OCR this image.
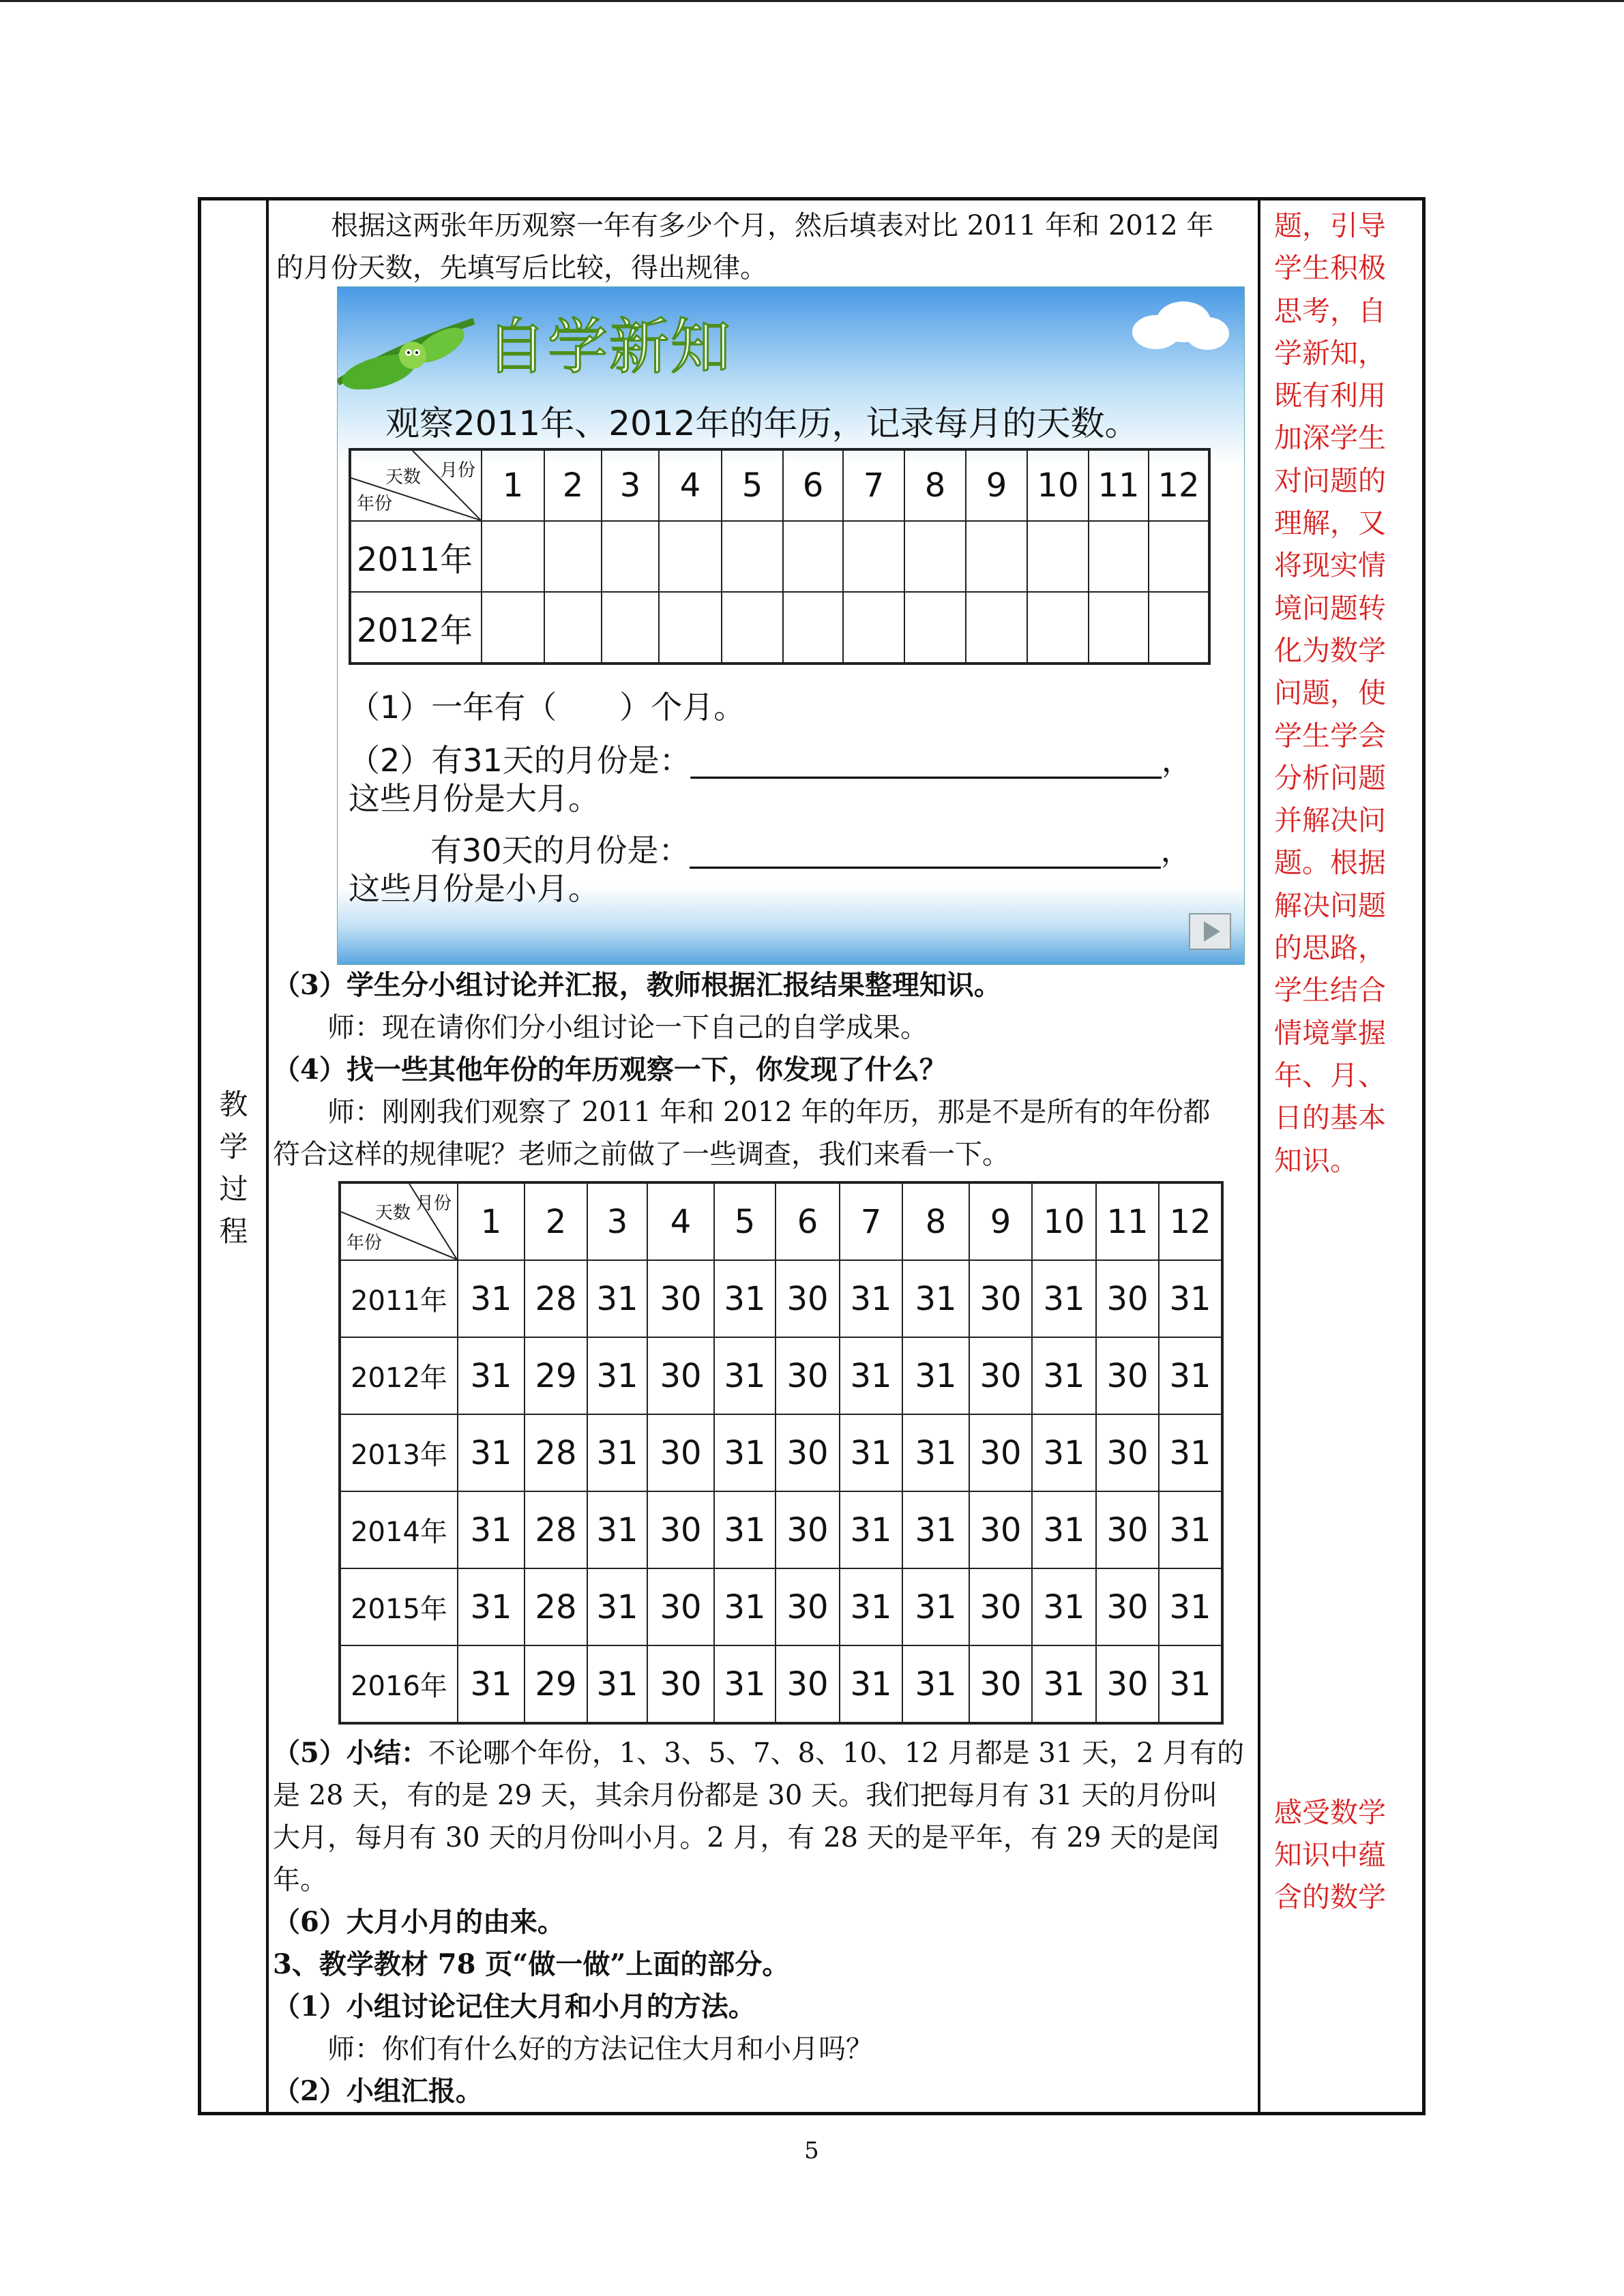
教
学
过
程

根据这两张年历观察一年有多少个月，然后填表对比 2011 年和 2012 年

的月份天数，先填写后比较，得出规律。

题，引导

学生积极

思考，自

学新知，

既有利用

加深学生

对问题的

理解，又

将现实情

境问题转

化为数学

问题，使

学生学会

分析问题

并解决问

题。根据

解决问题

的思路，

学生结合

情境掌握

年、月、

日的基本

知识。

感受数学

知识中蕴

含的数学

自学新知
观察2011年、2012年的年历，记录每月的天数。
月份
天数
年份	1	2	3	4	5	6	7	8	9	10	11	12
2011年												
2012年												
（1）一年有（　　）个月。
（2）有31天的月份是：______________________________，
这些月份是大月。
有30天的月份是：______________________________，
这些月份是小月。

（3）学生分小组讨论并汇报，教师根据汇报结果整理知识。

师：现在请你们分小组讨论一下自己的自学成果。

（4）找一些其他年份的年历观察一下，你发现了什么？

师：刚刚我们观察了 2011 年和 2012 年的年历，那是不是所有的年份都

符合这样的规律呢？老师之前做了一些调查，我们来看一下。

月份
天数
年份	1	2	3	4	5	6	7	8	9	10	11	12
2011年	31	28	31	30	31	30	31	31	30	31	30	31
2012年	31	29	31	30	31	30	31	31	30	31	30	31
2013年	31	28	31	30	31	30	31	31	30	31	30	31
2014年	31	28	31	30	31	30	31	31	30	31	30	31
2015年	31	28	31	30	31	30	31	31	30	31	30	31
2016年	31	29	31	30	31	30	31	31	30	31	30	31

（5）小结：不论哪个年份，1、3、5、7、8、10、12 月都是 31 天，2 月有的

是 28 天，有的是 29 天，其余月份都是 30 天。我们把每月有 31 天的月份叫

大月，每月有 30 天的月份叫小月。2 月，有 28 天的是平年，有 29 天的是闰

年。

（6）大月小月的由来。

3、教学教材 78 页“做一做”上面的部分。

（1）小组讨论记住大月和小月的方法。

师：你们有什么好的方法记住大月和小月吗？

（2）小组汇报。

5
